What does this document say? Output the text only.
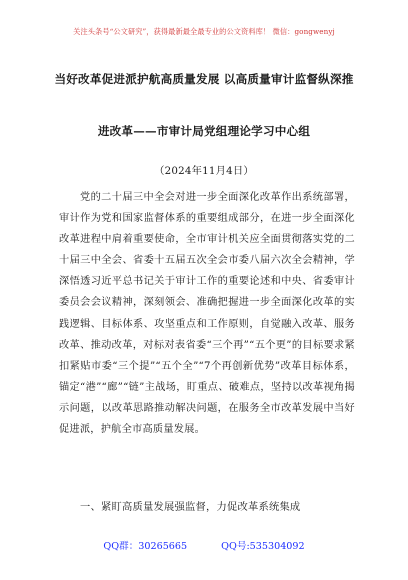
关注头条号“公文研究”，获得最新最全最专业的公文资料库！ 微信：gongwenyj
当好改革促进派护航高质量发展 以高质量审计监督纵深推
进改革——市审计局党组理论学习中心组
（2024年11月4日）

党的二十届三中全会对进一步全面深化改革作出系统部署，审计作为党和国家监督体系的重要组成部分，在进一步全面深化改革进程中肩着重要使命，全市审计机关应全面贯彻落实党的二十届三中全会、省委十五届五次全会市委八届六次全会精神，学深悟透习近平总书记关于审计工作的重要论述和中央、省委审计委员会会议精神，深刻领会、准确把握进一步全面深化改革的实践逻辑、目标体系、攻坚重点和工作原则，自觉融入改革、服务改革、推动改革，对标对表省委“三个再”“五个更”的目标要求紧扣紧贴市委“三个提”“五个全”“7个再创新优势”改革目标体系，锚定“港”“廊”“链”主战场，盯重点、破难点，坚持以改革视角揭示问题，以改革思路推动解决问题，在服务全市改革发展中当好促进派，护航全市高质量发展。

一、紧盯高质量发展强监督，力促改革系统集成
QQ群：30265665	QQ号:535304092
